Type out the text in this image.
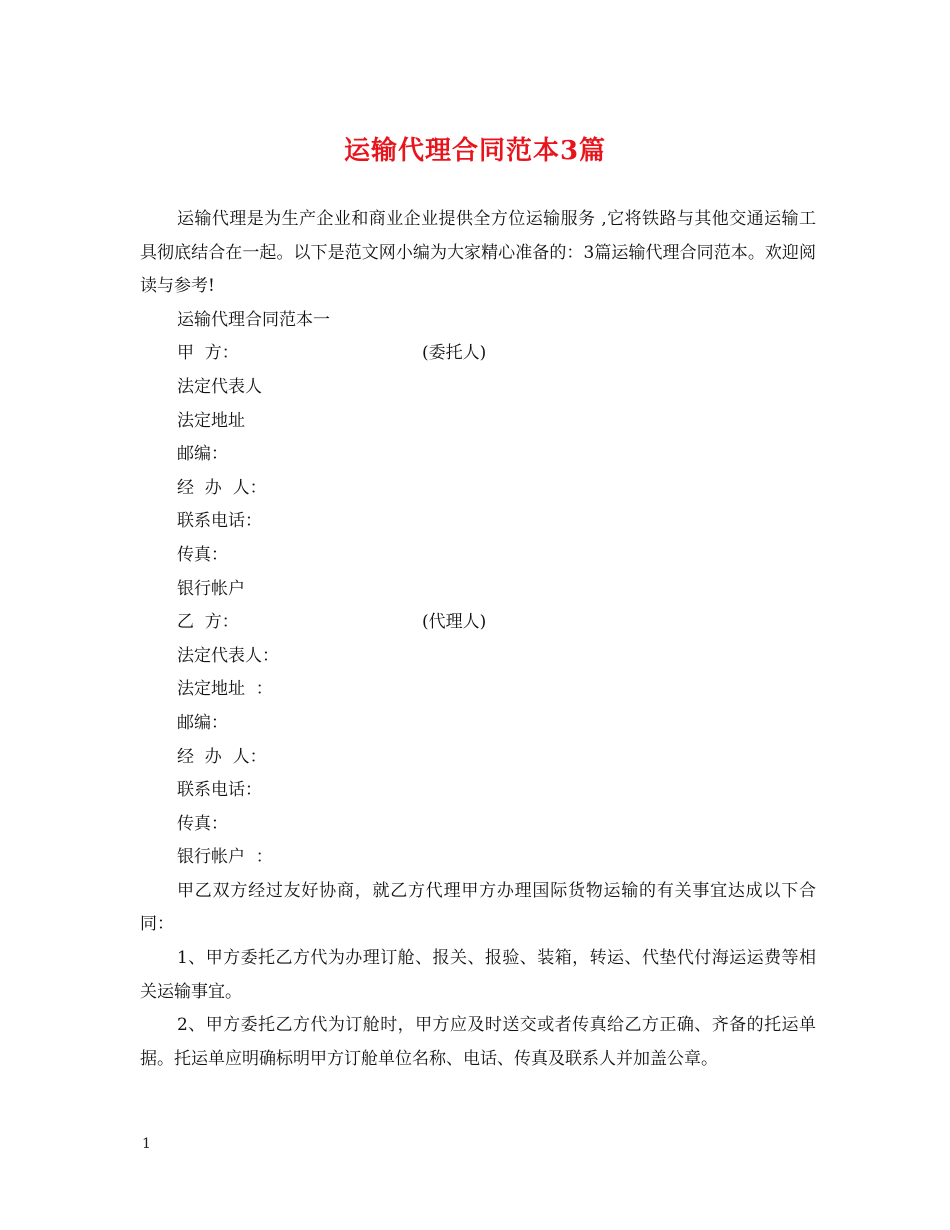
运输代理合同范本3篇

运输代理是为生产企业和商业企业提供全方位运输服务 ,它将铁路与其他交通运输工具彻底结合在一起。以下是范文网小编为大家精心准备的：3篇运输代理合同范本。欢迎阅读与参考!

运输代理合同范本一

甲  方：	(委托人)

法定代表人

法定地址

邮编：

经  办  人：

联系电话：

传真：

银行帐户

乙  方：	(代理人)

法定代表人：

法定地址  ：

邮编：

经  办  人：

联系电话：

传真：

银行帐户  ：

甲乙双方经过友好协商，就乙方代理甲方办理国际货物运输的有关事宜达成以下合同：

1、甲方委托乙方代为办理订舱、报关、报验、装箱，转运、代垫代付海运运费等相关运输事宜。

2、甲方委托乙方代为订舱时，甲方应及时送交或者传真给乙方正确、齐备的托运单据。托运单应明确标明甲方订舱单位名称、电话、传真及联系人并加盖公章。

1
